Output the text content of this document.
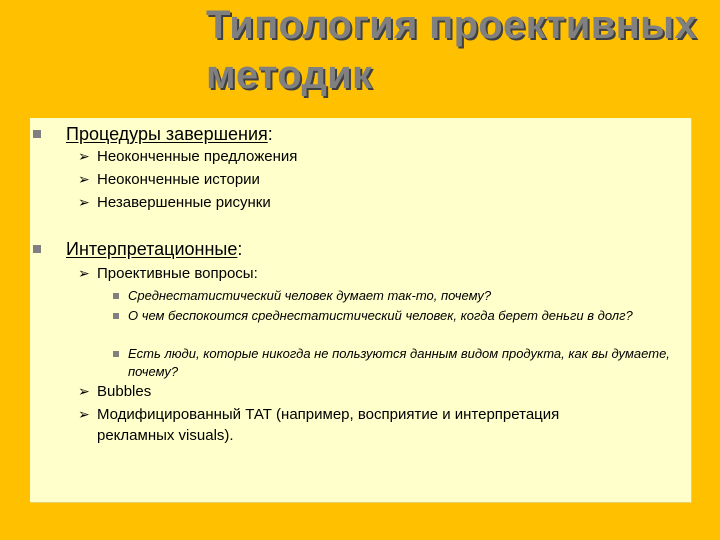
Типология проективных
методик
Процедуры завершения:
➢ Неоконченные предложения
➢ Неоконченные истории
➢ Незавершенные рисунки
Интерпретационные:
➢ Проективные вопросы:
Среднестатистический человек думает так-то, почему?
О чем беспокоится среднестатистический человек, когда берет деньги в долг?
Есть люди, которые никогда не пользуются данным видом продукта, как вы думаете, почему?
➢ Bubbles
➢ Модифицированный ТАТ (например, восприятие и интерпретация
рекламных visuals).
